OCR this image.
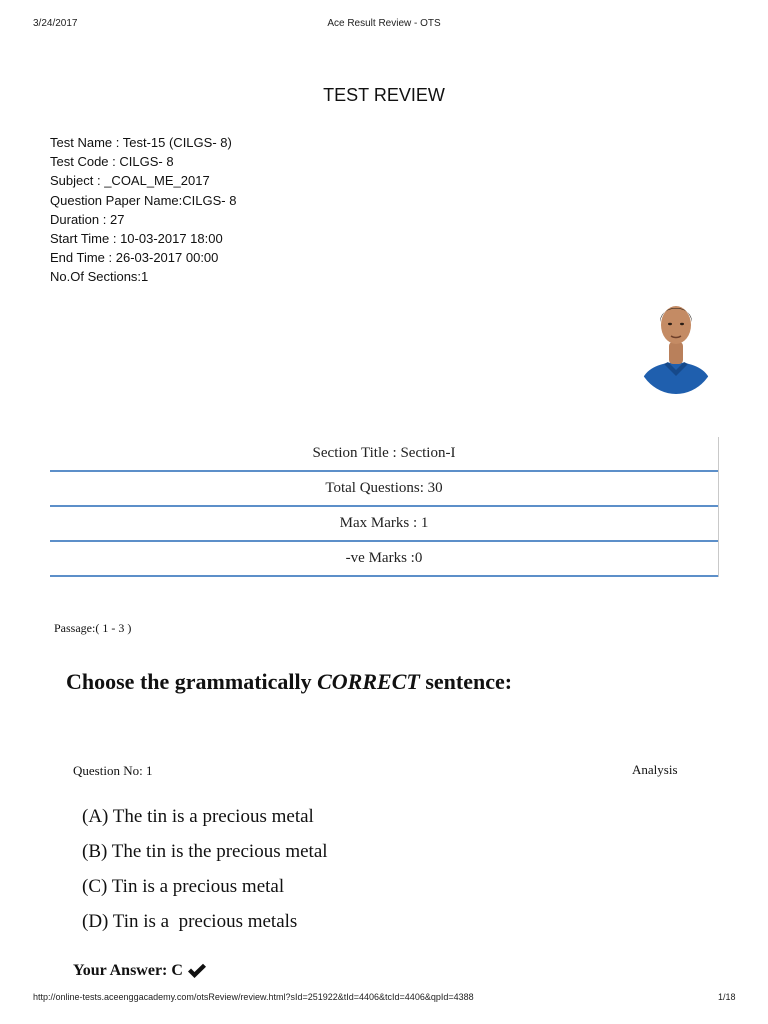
3/24/2017	Ace Result Review - OTS
TEST REVIEW
Test Name : Test-15 (CILGS- 8)
Test Code : CILGS- 8
Subject : _COAL_ME_2017
Question Paper Name:CILGS- 8
Duration : 27
Start Time : 10-03-2017 18:00
End Time : 26-03-2017 00:00
No.Of Sections:1
Section Title : Section-I
Total Questions: 30
Max Marks : 1
-ve Marks :0
Passage:( 1 - 3 )
Choose the grammatically CORRECT sentence:
Question No: 1	Analysis
(A) The tin is a precious metal
(B) The tin is the precious metal
(C) Tin is a precious metal
(D) Tin is a  precious metals
Your Answer: C
http://online-tests.aceenggacademy.com/otsReview/review.html?sId=251922&tId=4406&tcId=4406&qpId=4388	1/18
